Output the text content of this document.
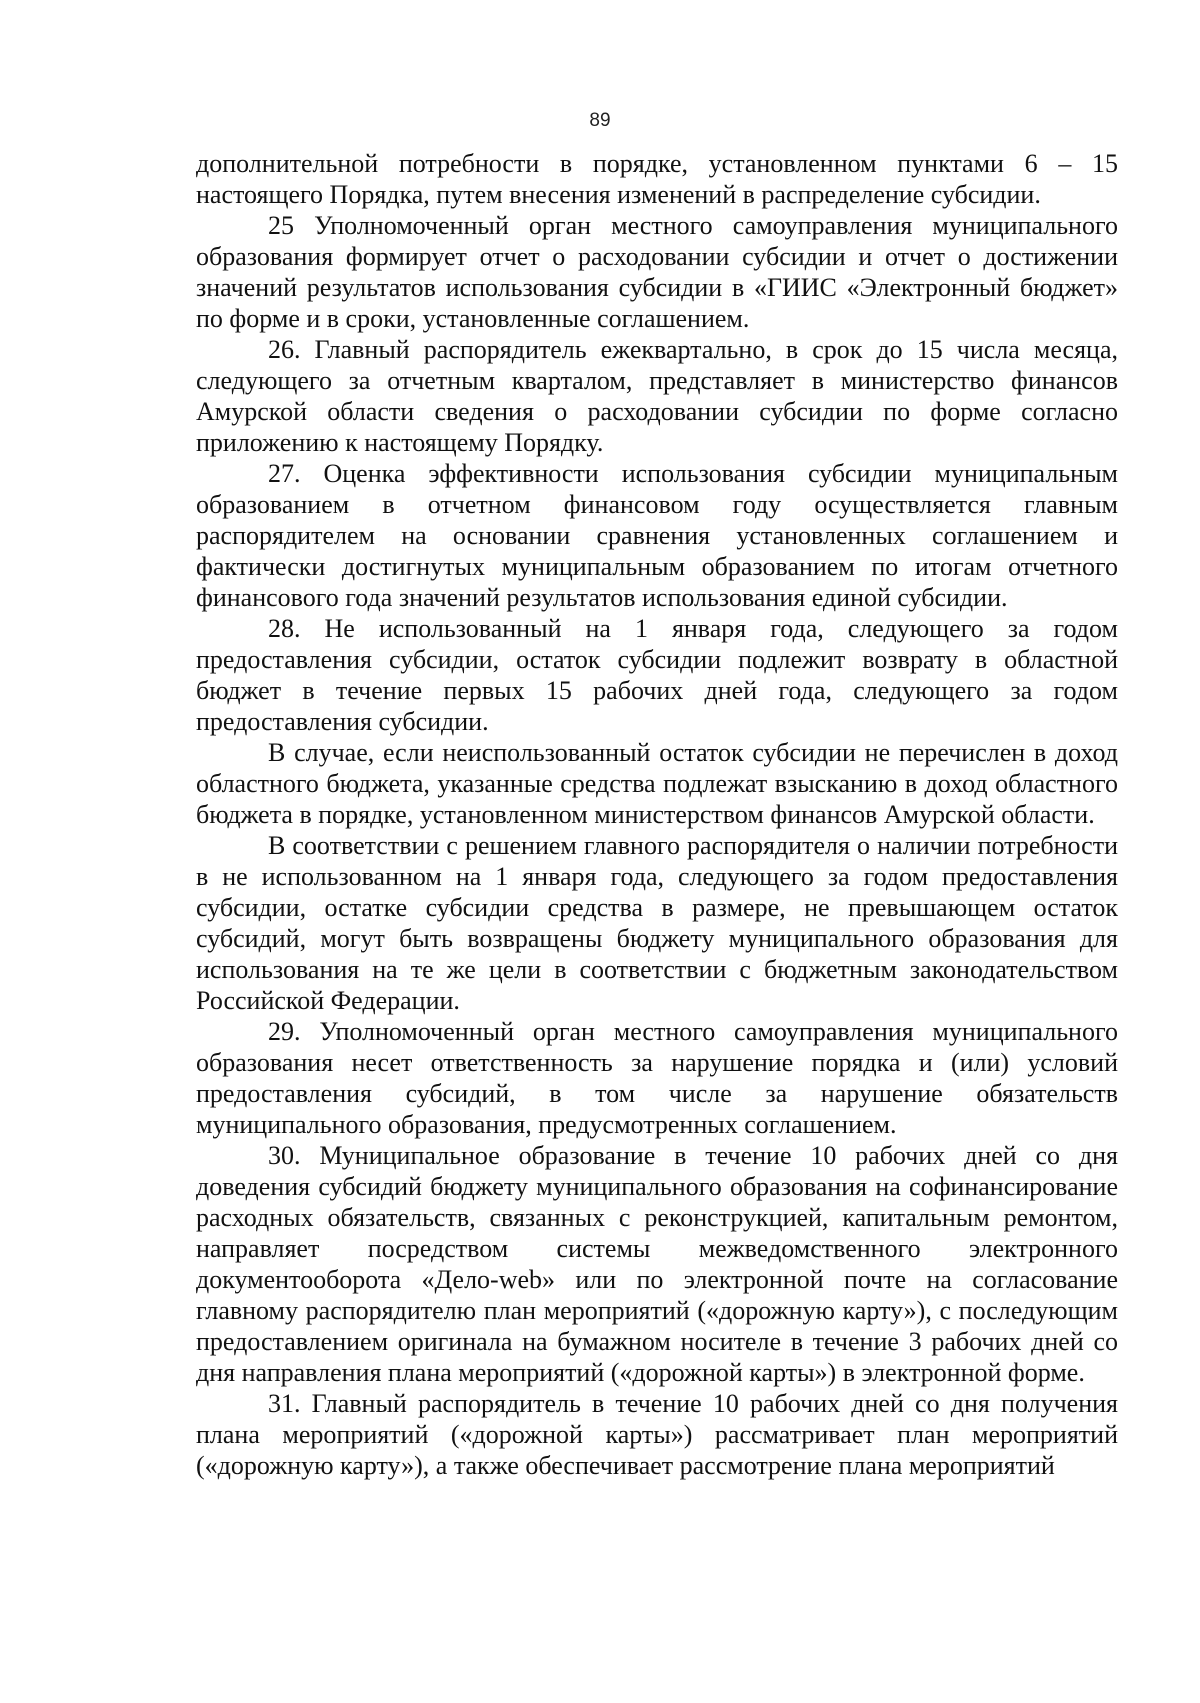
89

дополнительной потребности в порядке, установленном пунктами 6 – 15 настоящего Порядка, путем внесения изменений в распределение субсидии.

25 Уполномоченный орган местного самоуправления муниципального образования формирует отчет о расходовании субсидии и отчет о достижении значений результатов использования субсидии в «ГИИС «Электронный бюджет» по форме и в сроки, установленные соглашением.

26. Главный распорядитель ежеквартально, в срок до 15 числа месяца, следующего за отчетным кварталом, представляет в министерство финансов Амурской области сведения о расходовании субсидии по форме согласно приложению к настоящему Порядку.

27. Оценка эффективности использования субсидии муниципальным образованием в отчетном финансовом году осуществляется главным распорядителем на основании сравнения установленных соглашением и фактически достигнутых муниципальным образованием по итогам отчетного финансового года значений результатов использования единой субсидии.

28. Не использованный на 1 января года, следующего за годом предоставления субсидии, остаток субсидии подлежит возврату в областной бюджет в течение первых 15 рабочих дней года, следующего за годом предоставления субсидии.

В случае, если неиспользованный остаток субсидии не перечислен в доход областного бюджета, указанные средства подлежат взысканию в доход областного бюджета в порядке, установленном министерством финансов Амурской области.

В соответствии с решением главного распорядителя о наличии потребности в не использованном на 1 января года, следующего за годом предоставления субсидии, остатке субсидии средства в размере, не превышающем остаток субсидий, могут быть возвращены бюджету муниципального образования для использования на те же цели в соответствии с бюджетным законодательством Российской Федерации.

29. Уполномоченный орган местного самоуправления муниципального образования несет ответственность за нарушение порядка и (или) условий предоставления субсидий, в том числе за нарушение обязательств муниципального образования, предусмотренных соглашением.

30. Муниципальное образование в течение 10 рабочих дней со дня доведения субсидий бюджету муниципального образования на софинансирование расходных обязательств, связанных с реконструкцией, капитальным ремонтом, направляет посредством системы межведомственного электронного документооборота «Дело-web» или по электронной почте на согласование главному распорядителю план мероприятий («дорожную карту»), с последующим предоставлением оригинала на бумажном носителе в течение 3 рабочих дней со дня направления плана мероприятий («дорожной карты») в электронной форме.

31. Главный распорядитель в течение 10 рабочих дней со дня получения плана мероприятий («дорожной карты») рассматривает план мероприятий («дорожную карту»), а также обеспечивает рассмотрение плана мероприятий
